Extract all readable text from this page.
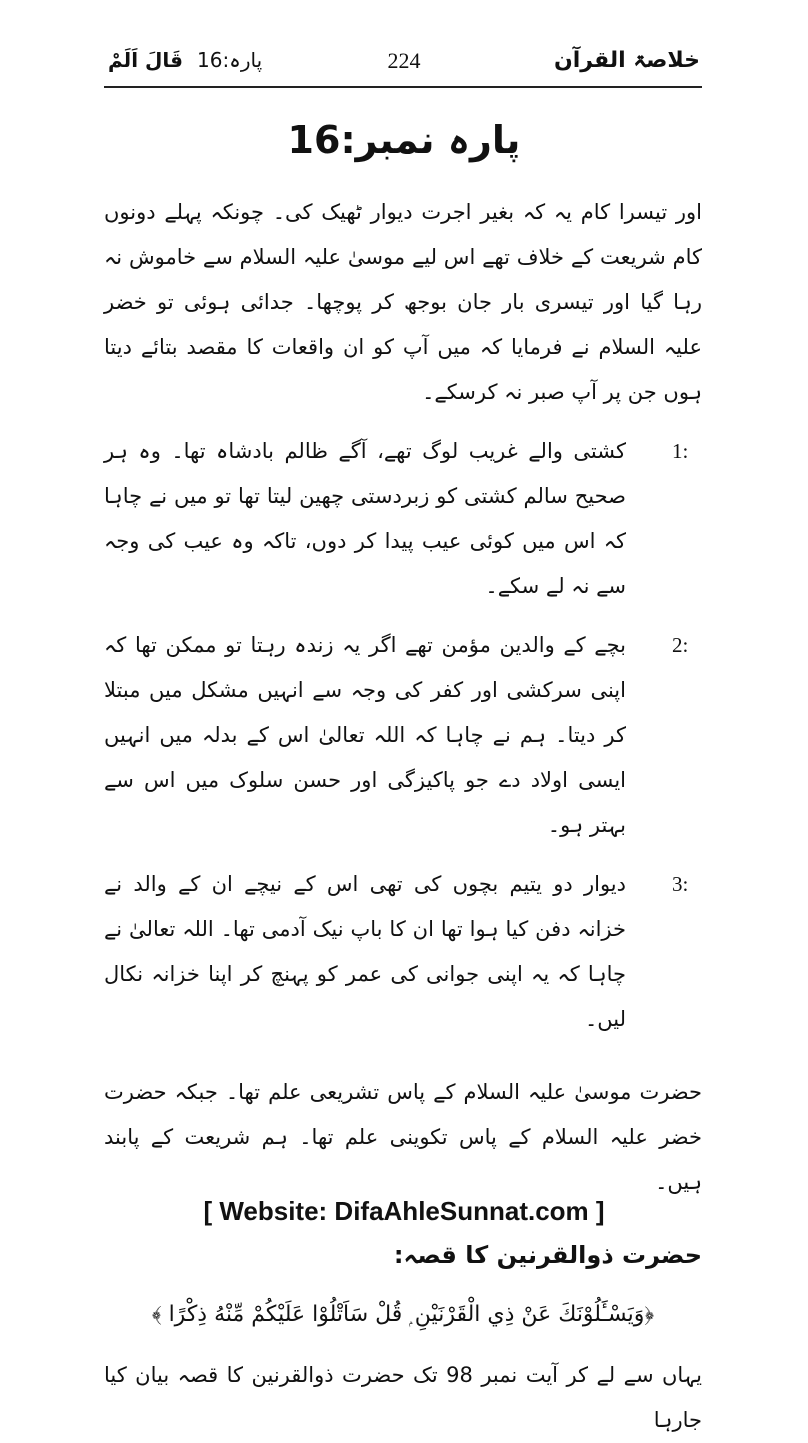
خلاصۃ القرآن
224
پارہ:16قَالَ اَلَمْ
پارہ نمبر:16

اور تیسرا کام یہ کہ بغیر اجرت دیوار ٹھیک کی۔ چونکہ پہلے دونوں کام شریعت کے خلاف تھے اس لیے موسیٰ علیہ السلام سے خاموش نہ رہا گیا اور تیسری بار جان بوجھ کر پوچھا۔ جدائی ہوئی تو خضر علیہ السلام نے فرمایا کہ میں آپ کو ان واقعات کا مقصد بتائے دیتا ہوں جن پر آپ صبر نہ کرسکے۔

1:
کشتی والے غریب لوگ تھے، آگے ظالم بادشاہ تھا۔ وہ ہر صحیح سالم کشتی کو زبردستی چھین لیتا تھا تو میں نے چاہا کہ اس میں کوئی عیب پیدا کر دوں، تاکہ وہ عیب کی وجہ سے نہ لے سکے۔
2:
بچے کے والدین مؤمن تھے اگر یہ زندہ رہتا تو ممکن تھا کہ اپنی سرکشی اور کفر کی وجہ سے انہیں مشکل میں مبتلا کر دیتا۔ ہم نے چاہا کہ اللہ تعالیٰ اس کے بدلہ میں انہیں ایسی اولاد دے جو پاکیزگی اور حسن سلوک میں اس سے بہتر ہو۔
3:
دیوار دو یتیم بچوں کی تھی اس کے نیچے ان کے والد نے خزانہ دفن کیا ہوا تھا ان کا باپ نیک آدمی تھا۔ اللہ تعالیٰ نے چاہا کہ یہ اپنی جوانی کی عمر کو پہنچ کر اپنا خزانہ نکال لیں۔

حضرت موسیٰ علیہ السلام کے پاس تشریعی علم تھا۔ جبکہ حضرت خضر علیہ السلام کے پاس تکوینی علم تھا۔ ہم شریعت کے پابند ہیں۔

حضرت ذوالقرنین کا قصہ:

﴿وَيَسْـَٔلُوْنَكَ عَنْ ذِي الْقَرْنَيْنِ ۭ قُلْ سَاَتْلُوْا عَلَيْكُمْ مِّنْهُ ذِكْرًا ﴾

یہاں سے لے کر آیت نمبر 98 تک حضرت ذوالقرنین کا قصہ بیان کیا جارہا

[ Website: DifaAhleSunnat.com ]
